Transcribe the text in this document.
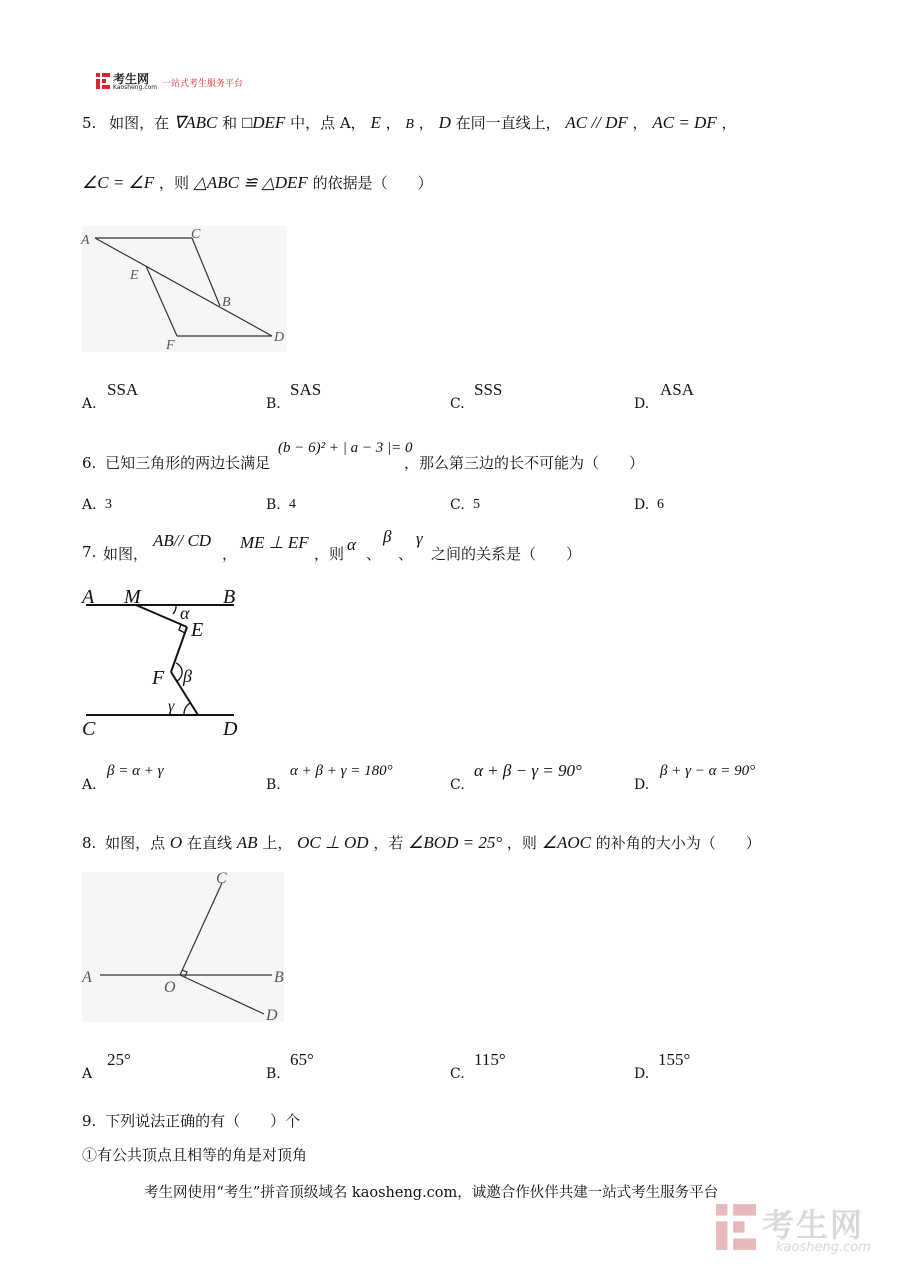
考生网
Kaosheng.com 一站式考生服务平台
5. 如图，在 ∇ABC 和 □DEF 中，点 A， E ， B ， D 在同一直线上， AC // DF ， AC = DF ，
∠C = ∠F ，则 △ABC ≌ △DEF 的依据是（　　）
A	C
E
B
F
D
A.
SSA
B.
SAS
C.
SSS
D.
ASA
6. 已知三角形的两边长满足
(b − 6)² + | a − 3 |= 0
，那么第三边的长不可能为（　　）
A. 3	B. 4	C. 5	D. 6
7. 如图，
AB// CD
，
ME ⊥ EF
，则 α 、
β
、
γ
之间的关系是（　　）
A M	B
α
E
F β
γ
C	D
A.
β = α + γ
B.
α + β + γ = 180°
C.
α + β − γ = 90°
D.
β + γ − α = 90°
8. 如图，点 O 在直线 AB 上， OC ⊥ OD ，若 ∠BOD = 25° ，则 ∠AOC 的补角的大小为（　　）
C
A
O
B
D
A
25°
B.
65°
C.
115°
D.
155°
9. 下列说法正确的有（　　）个
①有公共顶点且相等的角是对顶角
考生网使用“考生”拼音顶级域名 kaosheng.com，诚邀合作伙伴共建一站式考生服务平台
考生网
kaosheng.com
